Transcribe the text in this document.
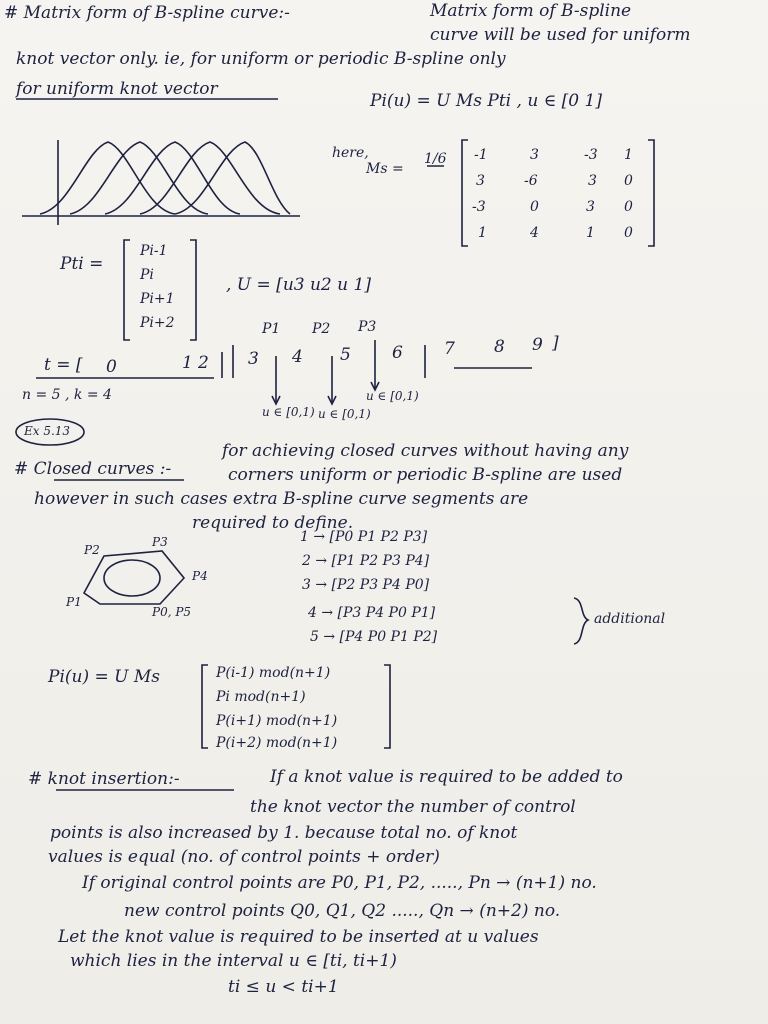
# Matrix form of B-spline curve:-	Matrix form of B-spline
curve will be used for uniform
knot vector only. ie, for uniform or periodic B-spline only
for uniform knot vector
Pi(u) = U Ms Pti , u ∈ [0 1]
here,
Ms =
1/6 -1	3	-3 1
3	-6	3 0
-3	0	3 0
1	4	1 0
Pti =
Pi-1
Pi
Pi+1
Pi+2
, U = [u3 u2 u 1]
P1 P2 P3
t = [ 0	1 2 3 4 5 6 7 8 9 ]
n = 5 , k = 4
u ∈ [0,1) u ∈ [0,1)
u ∈ [0,1)
Ex 5.13
# Closed curves :-
for achieving closed curves without having any
corners uniform or periodic B-spline are used
however in such cases extra B-spline curve segments are
required to define.
P2
P3
P4
P1
P0, P5
1 → [P0 P1 P2 P3]
2 → [P1 P2 P3 P4]
3 → [P2 P3 P4 P0]
4 → [P3 P4 P0 P1]
5 → [P4 P0 P1 P2]
additional
Pi(u) = U Ms	P(i-1) mod(n+1)
Pi mod(n+1)
P(i+1) mod(n+1)
P(i+2) mod(n+1)
# knot insertion:-	If a knot value is required to be added to
the knot vector the number of control
points is also increased by 1. because total no. of knot
values is equal (no. of control points + order)
If original control points are P0, P1, P2, ....., Pn → (n+1) no.
new control points Q0, Q1, Q2 ....., Qn → (n+2) no.
Let the knot value is required to be inserted at u values
which lies in the interval u ∈ [ti, ti+1)
ti ≤ u < ti+1
